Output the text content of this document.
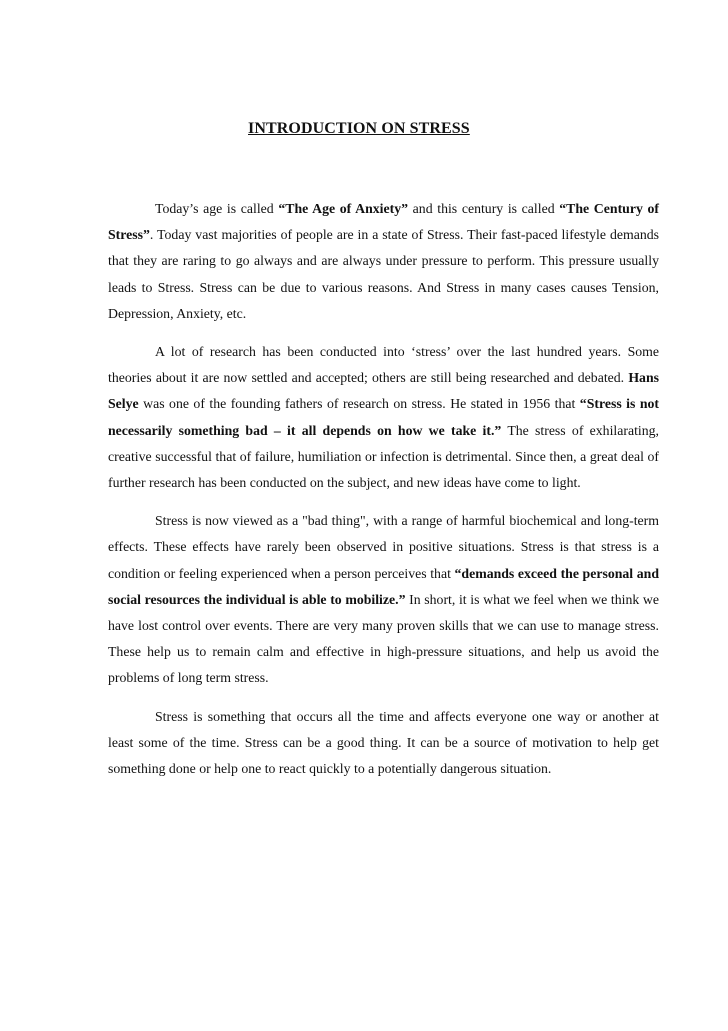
INTRODUCTION ON STRESS

Today’s age is called “The Age of Anxiety” and this century is called “The Century of Stress”. Today vast majorities of people are in a state of Stress. Their fast-paced lifestyle demands that they are raring to go always and are always under pressure to perform. This pressure usually leads to Stress. Stress can be due to various reasons. And Stress in many cases causes Tension, Depression, Anxiety, etc.

A lot of research has been conducted into ‘stress’ over the last hundred years. Some theories about it are now settled and accepted; others are still being researched and debated. Hans Selye was one of the founding fathers of research on stress. He stated in 1956 that “Stress is not necessarily something bad – it all depends on how we take it.” The stress of exhilarating, creative successful that of failure, humiliation or infection is detrimental. Since then, a great deal of further research has been conducted on the subject, and new ideas have come to light.

Stress is now viewed as a "bad thing", with a range of harmful biochemical and long-term effects. These effects have rarely been observed in positive situations. Stress is that stress is a condition or feeling experienced when a person perceives that “demands exceed the personal and social resources the individual is able to mobilize.” In short, it is what we feel when we think we have lost control over events. There are very many proven skills that we can use to manage stress. These help us to remain calm and effective in high-pressure situations, and help us avoid the problems of long term stress.

Stress is something that occurs all the time and affects everyone one way or another at least some of the time. Stress can be a good thing. It can be a source of motivation to help get something done or help one to react quickly to a potentially dangerous situation.
